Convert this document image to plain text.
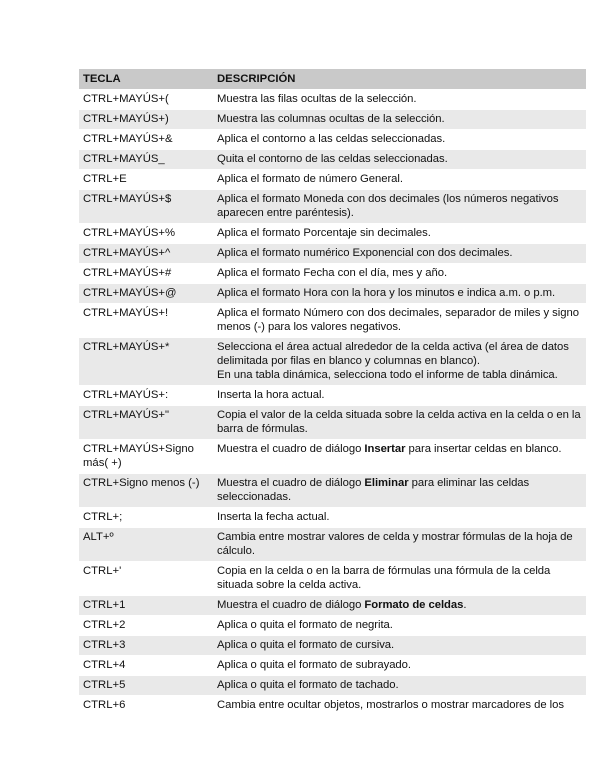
TECLA	DESCRIPCIÓN
CTRL+MAYÚS+(	Muestra las filas ocultas de la selección.
CTRL+MAYÚS+)	Muestra las columnas ocultas de la selección.
CTRL+MAYÚS+&	Aplica el contorno a las celdas seleccionadas.
CTRL+MAYÚS_	Quita el contorno de las celdas seleccionadas.
CTRL+E	Aplica el formato de número General.
CTRL+MAYÚS+$	Aplica el formato Moneda con dos decimales (los números negativos aparecen entre paréntesis).
CTRL+MAYÚS+%	Aplica el formato Porcentaje sin decimales.
CTRL+MAYÚS+^	Aplica el formato numérico Exponencial con dos decimales.
CTRL+MAYÚS+#	Aplica el formato Fecha con el día, mes y año.
CTRL+MAYÚS+@	Aplica el formato Hora con la hora y los minutos e indica a.m. o p.m.
CTRL+MAYÚS+!	Aplica el formato Número con dos decimales, separador de miles y signo menos (-) para los valores negativos.
CTRL+MAYÚS+*	Selecciona el área actual alrededor de la celda activa (el área de datos delimitada por filas en blanco y columnas en blanco).
En una tabla dinámica, selecciona todo el informe de tabla dinámica.
CTRL+MAYÚS+:	Inserta la hora actual.
CTRL+MAYÚS+"	Copia el valor de la celda situada sobre la celda activa en la celda o en la barra de fórmulas.
CTRL+MAYÚS+Signo más( +)	Muestra el cuadro de diálogo Insertar para insertar celdas en blanco.
CTRL+Signo menos (-)	Muestra el cuadro de diálogo Eliminar para eliminar las celdas seleccionadas.
CTRL+;	Inserta la fecha actual.
ALT+º	Cambia entre mostrar valores de celda y mostrar fórmulas de la hoja de cálculo.
CTRL+'	Copia en la celda o en la barra de fórmulas una fórmula de la celda situada sobre la celda activa.
CTRL+1	Muestra el cuadro de diálogo Formato de celdas.
CTRL+2	Aplica o quita el formato de negrita.
CTRL+3	Aplica o quita el formato de cursiva.
CTRL+4	Aplica o quita el formato de subrayado.
CTRL+5	Aplica o quita el formato de tachado.
CTRL+6	Cambia entre ocultar objetos, mostrarlos o mostrar marcadores de los
